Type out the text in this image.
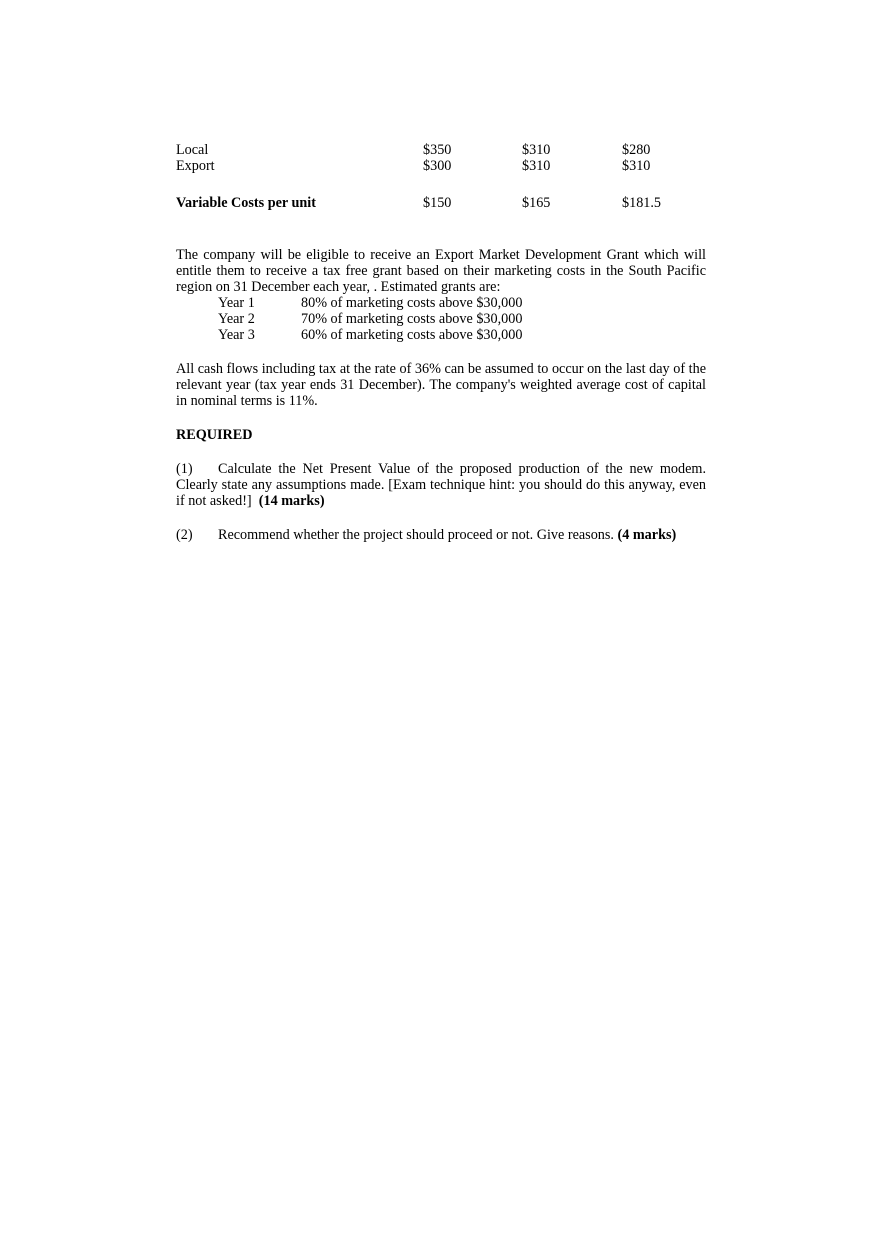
Local	$350	$310	$280
Export	$300	$310	$310
Variable Costs per unit	$150	$165	$181.5

The company will be eligible to receive an Export Market Development Grant which will entitle them to receive a tax free grant based on their marketing costs in the South Pacific region on 31 December each year, . Estimated grants are:

Year 1	80% of marketing costs above $30,000
Year 2	70% of marketing costs above $30,000
Year 3	60% of marketing costs above $30,000

All cash flows including tax at the rate of 36% can be assumed to occur on the last day of the relevant year (tax year ends 31 December). The company's weighted average cost of capital in nominal terms is 11%.

REQUIRED
(1)	Calculate the Net Present Value of the proposed production of the new modem. Clearly state any assumptions made. [Exam technique hint: you should do this anyway, even if not asked!] (14 marks)

(2)	Recommend whether the project should proceed or not. Give reasons. (4 marks)
